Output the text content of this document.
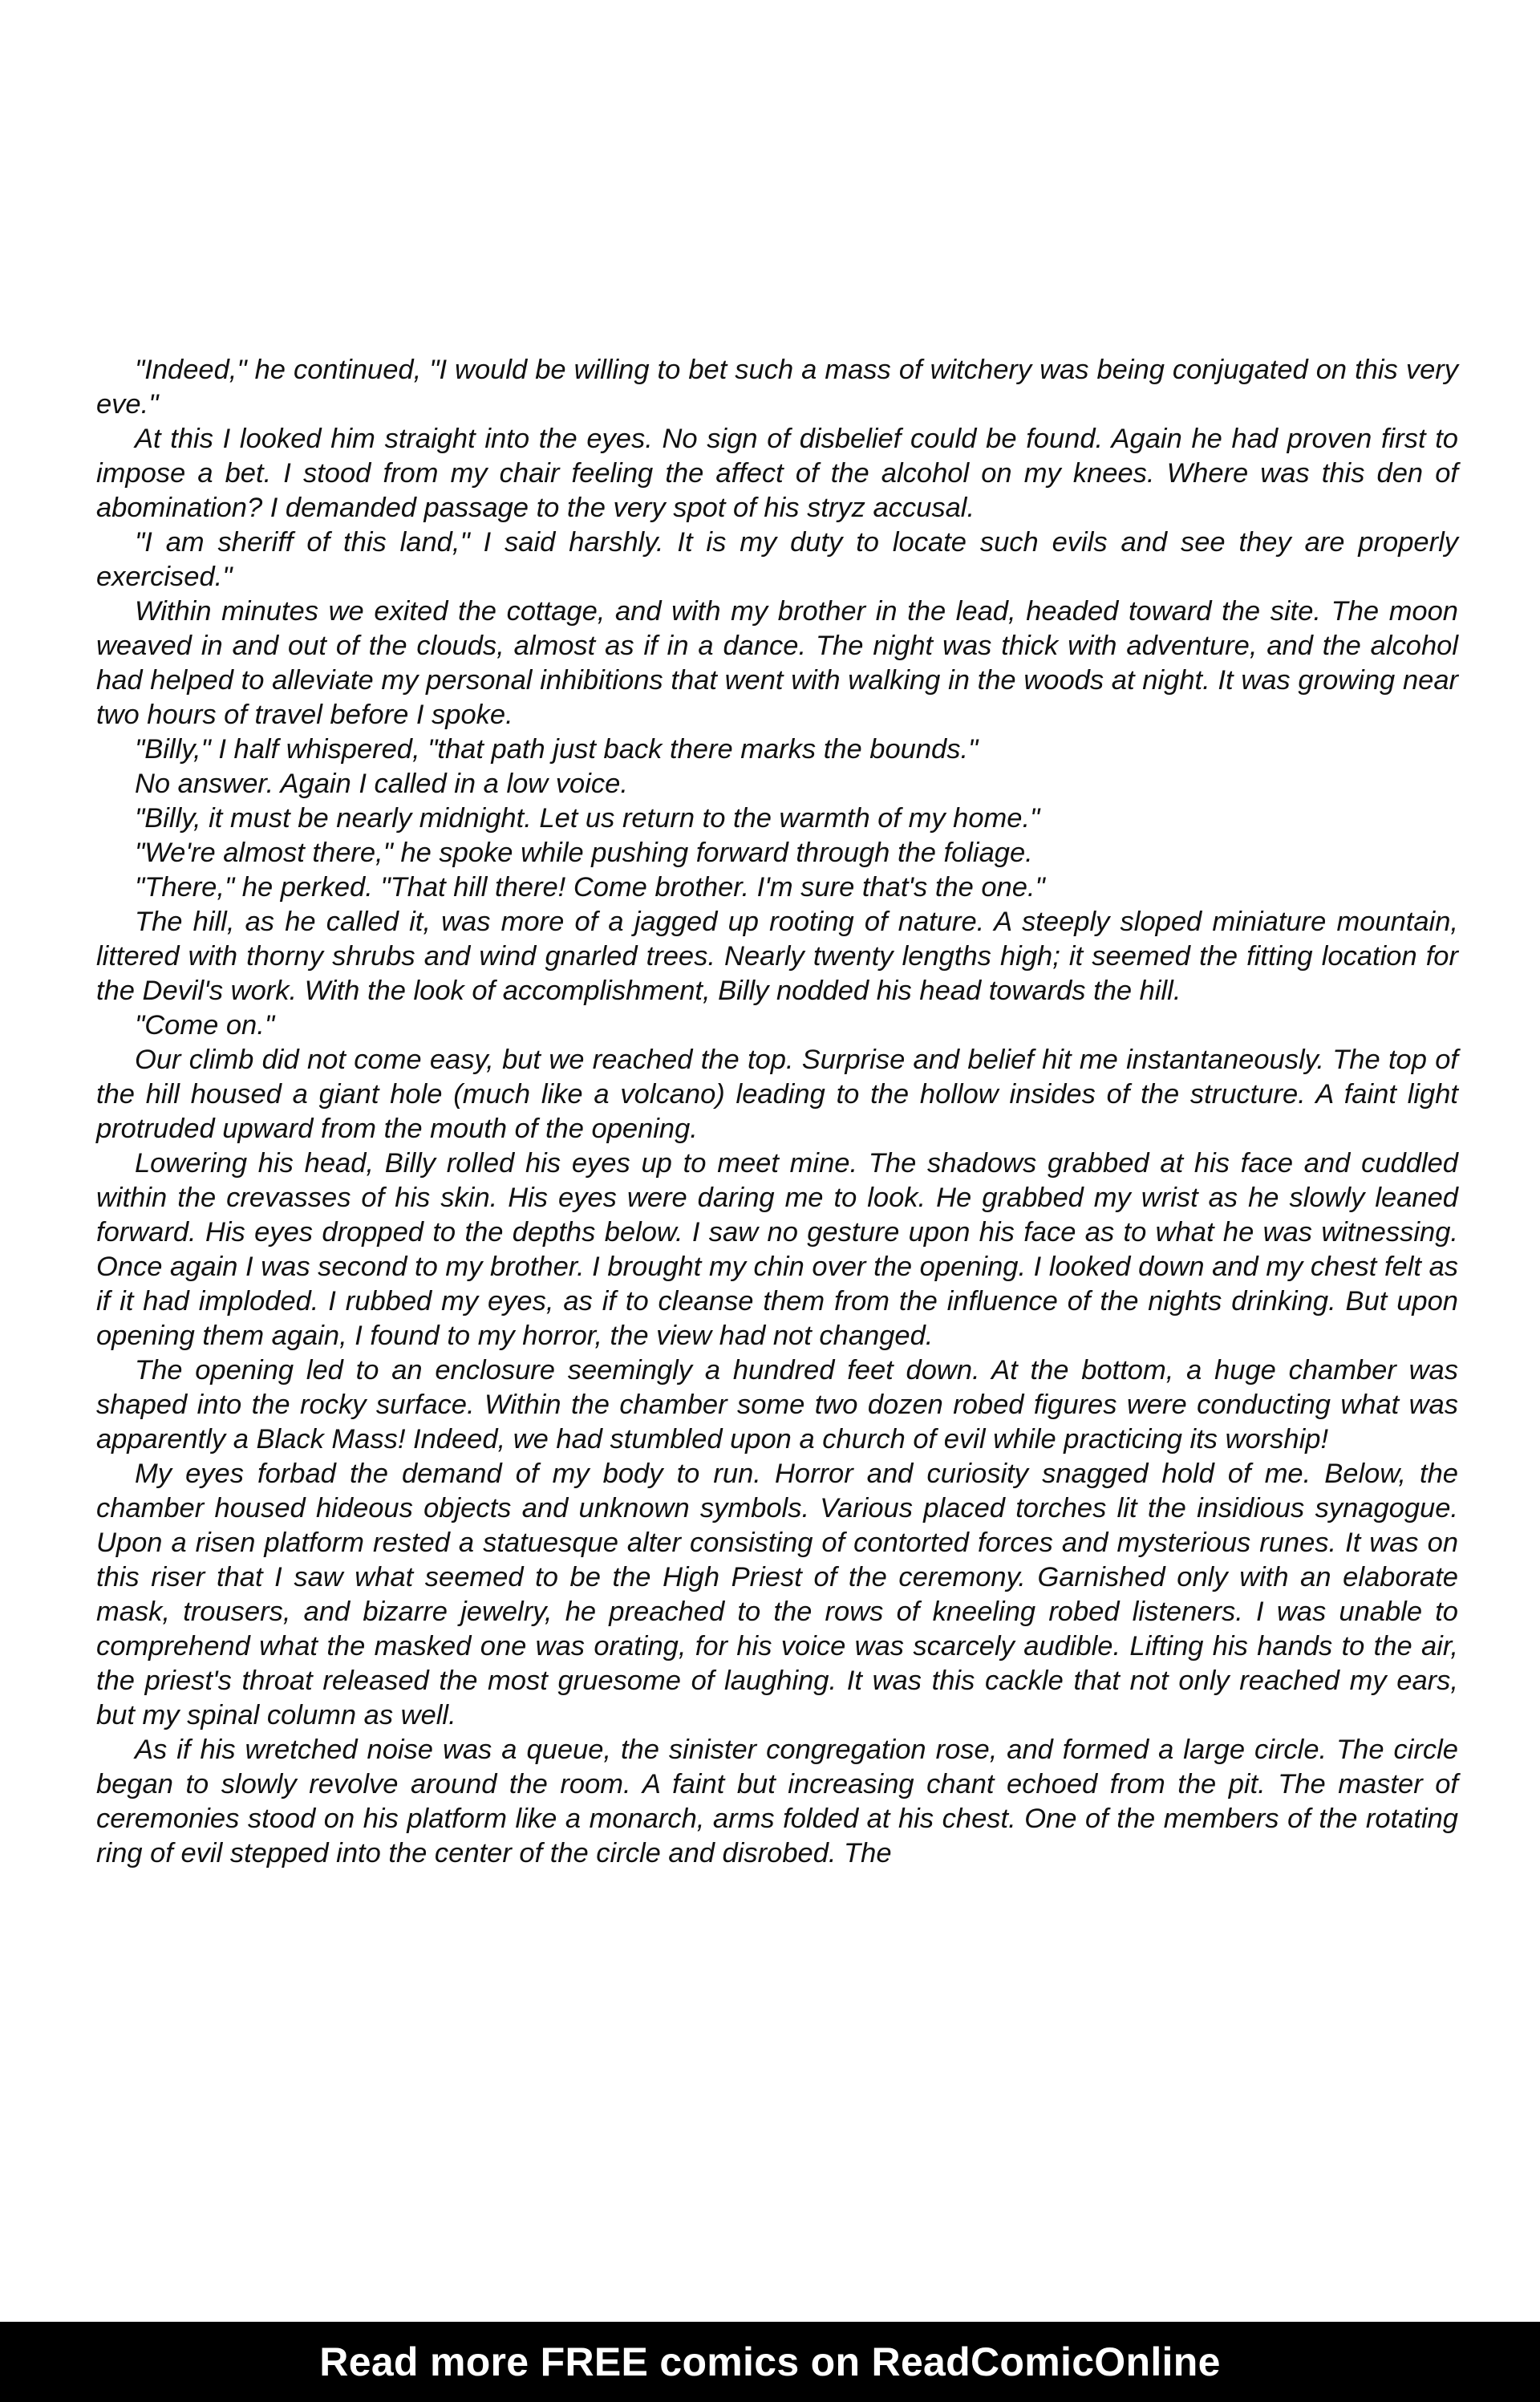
"Indeed," he continued, "I would be willing to bet such a mass of witchery was being conjugated on this very eve."

At this I looked him straight into the eyes. No sign of disbelief could be found. Again he had proven first to impose a bet. I stood from my chair feeling the affect of the alcohol on my knees. Where was this den of abomination? I demanded passage to the very spot of his stryz accusal.

"I am sheriff of this land," I said harshly. It is my duty to locate such evils and see they are properly exercised."

Within minutes we exited the cottage, and with my brother in the lead, headed toward the site. The moon weaved in and out of the clouds, almost as if in a dance. The night was thick with adventure, and the alcohol had helped to alleviate my personal inhibitions that went with walking in the woods at night. It was growing near two hours of travel before I spoke.

"Billy," I half whispered, "that path just back there marks the bounds."

No answer. Again I called in a low voice.

"Billy, it must be nearly midnight. Let us return to the warmth of my home."

"We're almost there," he spoke while pushing forward through the foliage.

"There," he perked. "That hill there! Come brother. I'm sure that's the one."

The hill, as he called it, was more of a jagged up rooting of nature. A steeply sloped miniature mountain, littered with thorny shrubs and wind gnarled trees. Nearly twenty lengths high; it seemed the fitting location for the Devil's work. With the look of accomplishment, Billy nodded his head towards the hill.

"Come on."

Our climb did not come easy, but we reached the top. Surprise and belief hit me instantaneously. The top of the hill housed a giant hole (much like a volcano) leading to the hollow insides of the structure. A faint light protruded upward from the mouth of the opening.

Lowering his head, Billy rolled his eyes up to meet mine. The shadows grabbed at his face and cuddled within the crevasses of his skin. His eyes were daring me to look. He grabbed my wrist as he slowly leaned forward. His eyes dropped to the depths below. I saw no gesture upon his face as to what he was witnessing. Once again I was second to my brother. I brought my chin over the opening. I looked down and my chest felt as if it had imploded. I rubbed my eyes, as if to cleanse them from the influence of the nights drinking. But upon opening them again, I found to my horror, the view had not changed.

The opening led to an enclosure seemingly a hundred feet down. At the bottom, a huge chamber was shaped into the rocky surface. Within the chamber some two dozen robed figures were conducting what was apparently a Black Mass! Indeed, we had stumbled upon a church of evil while practicing its worship!

My eyes forbad the demand of my body to run. Horror and curiosity snagged hold of me. Below, the chamber housed hideous objects and unknown symbols. Various placed torches lit the insidious synagogue. Upon a risen platform rested a statuesque alter consisting of contorted forces and mysterious runes. It was on this riser that I saw what seemed to be the High Priest of the ceremony. Garnished only with an elaborate mask, trousers, and bizarre jewelry, he preached to the rows of kneeling robed listeners. I was unable to comprehend what the masked one was orating, for his voice was scarcely audible. Lifting his hands to the air, the priest's throat released the most gruesome of laughing. It was this cackle that not only reached my ears, but my spinal column as well.

As if his wretched noise was a queue, the sinister congregation rose, and formed a large circle. The circle began to slowly revolve around the room. A faint but increasing chant echoed from the pit. The master of ceremonies stood on his platform like a monarch, arms folded at his chest. One of the members of the rotating ring of evil stepped into the center of the circle and disrobed. The

Read more FREE comics on ReadComicOnline
